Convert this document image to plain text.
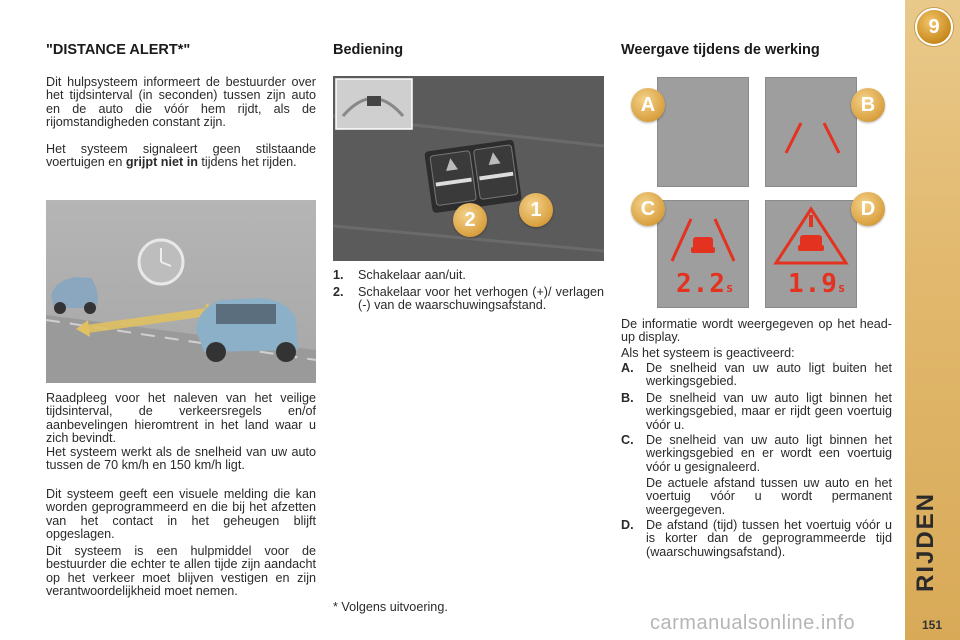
"DISTANCE ALERT*"

Dit hulpsysteem informeert de bestuurder over het tijdsinterval (in seconden) tussen zijn auto en de auto die vóór hem rijdt, als de rijomstandigheden constant zijn.

Het systeem signaleert geen stilstaande voertuigen en grijpt niet in tijdens het rijden.

Raadpleeg voor het naleven van het veilige tijdsinterval, de verkeersregels en/of aanbevelingen hieromtrent in het land waar u zich bevindt.

Het systeem werkt als de snelheid van uw auto tussen de 70 km/h en 150 km/h ligt.

Dit systeem geeft een visuele melding die kan worden geprogrammeerd en die bij het afzetten van het contact in het geheugen blijft opgeslagen.

Dit systeem is een hulpmiddel voor de bestuurder die echter te allen tijde zijn aandacht op het verkeer moet blijven vestigen en zijn verantwoordelijkheid moet nemen.

Bediening
2	1
1. Schakelaar aan/uit.
2. Schakelaar voor het verhogen (+)/ verlagen (-) van de waarschuwingsafstand.
* Volgens uitvoering.
Weergave tijdens de werking
2.2s 1.9s
A	B
C	D

De informatie wordt weergegeven op het head-up display.

Als het systeem is geactiveerd:

A. De snelheid van uw auto ligt buiten het werkingsgebied.
B. De snelheid van uw auto ligt binnen het werkingsgebied, maar er rijdt geen voertuig vóór u.
C. De snelheid van uw auto ligt binnen het werkingsgebied en er wordt een voertuig vóór u gesignaleerd.
De actuele afstand tussen uw auto en het voertuig vóór u wordt permanent weergegeven.
D. De afstand (tijd) tussen het voertuig vóór u is korter dan de geprogrammeerde tijd (waarschuwingsafstand).
9
RIJDEN
151
carmanualsonline.info
